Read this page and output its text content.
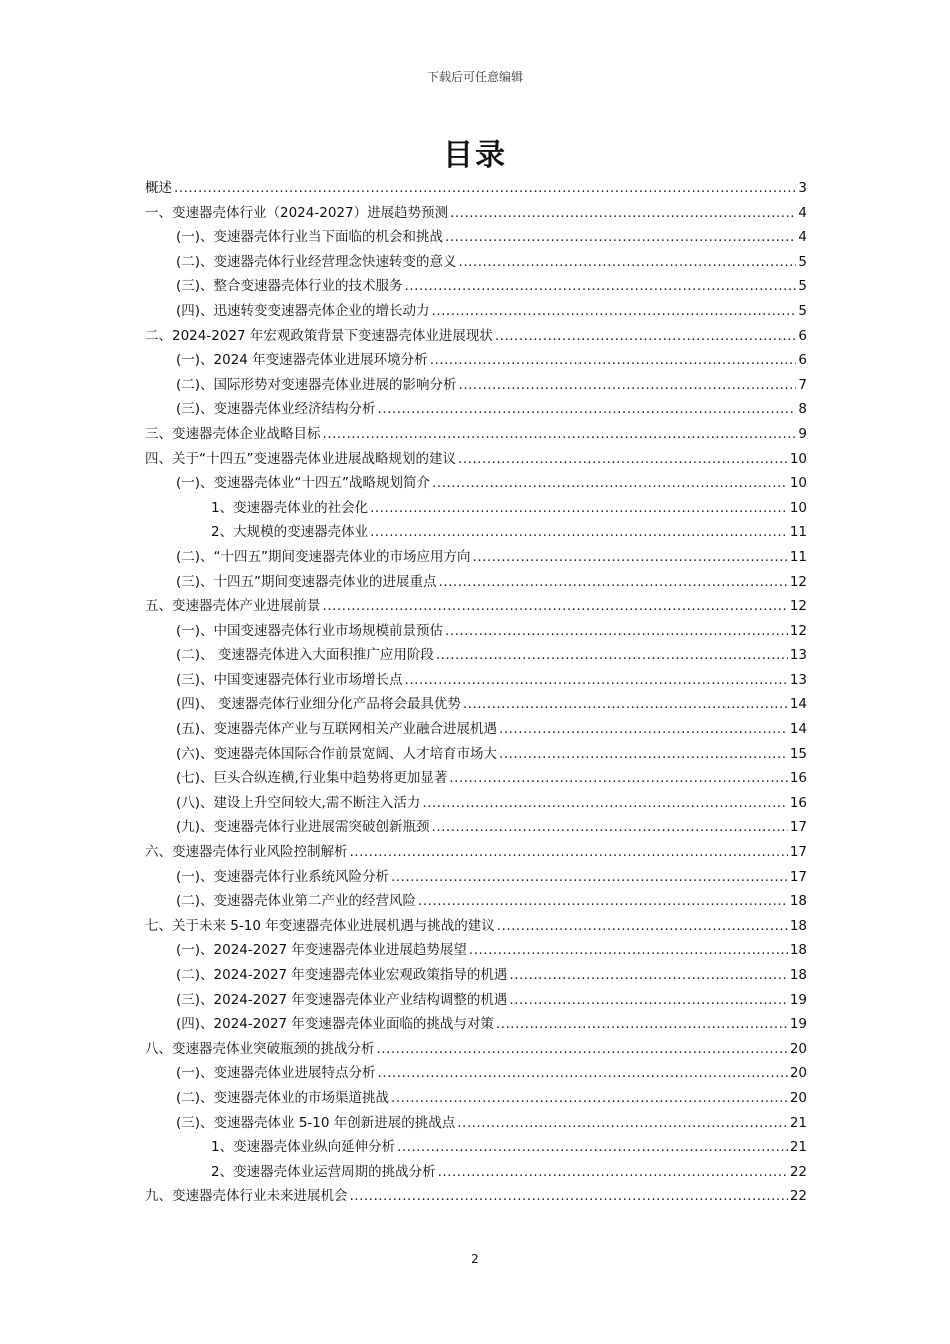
下载后可任意编辑
目录
概述 .....	3
一、变速器壳体行业（2024-2027）进展趋势预测 .....	4
(一)、变速器壳体行业当下面临的机会和挑战 .....	4
(二)、变速器壳体行业经营理念快速转变的意义 .....	5
(三)、整合变速器壳体行业的技术服务 .....	5
(四)、迅速转变变速器壳体企业的增长动力 .....	5
二、2024-2027 年宏观政策背景下变速器壳体业进展现状 .....	6
(一)、2024 年变速器壳体业进展环境分析 .....	6
(二)、国际形势对变速器壳体业进展的影响分析 .....	7
(三)、变速器壳体业经济结构分析 .....	8
三、变速器壳体企业战略目标 .....	9
四、关于“十四五”变速器壳体业进展战略规划的建议 .....	10
(一)、变速器壳体业“十四五”战略规划简介 .....	10
1、变速器壳体业的社会化 .....	10
2、大规模的变速器壳体业 .....	11
(二)、“十四五”期间变速器壳体业的市场应用方向 .....	11
(三)、十四五”期间变速器壳体业的进展重点 .....	12
五、变速器壳体产业进展前景 .....	12
(一)、中国变速器壳体行业市场规模前景预估 .....	12
(二)、 变速器壳体进入大面积推广应用阶段 .....	13
(三)、中国变速器壳体行业市场增长点 .....	13
(四)、 变速器壳体行业细分化产品将会最具优势 .....	14
(五)、变速器壳体产业与互联网相关产业融合进展机遇 .....	14
(六)、变速器壳体国际合作前景宽阔、人才培育市场大 .....	15
(七)、巨头合纵连横,行业集中趋势将更加显著 .....	16
(八)、建设上升空间较大,需不断注入活力 .....	16
(九)、变速器壳体行业进展需突破创新瓶颈 .....	17
六、变速器壳体行业风险控制解析 .....	17
(一)、变速器壳体行业系统风险分析 .....	17
(二)、变速器壳体业第二产业的经营风险 .....	18
七、关于未来 5-10 年变速器壳体业进展机遇与挑战的建议 .....	18
(一)、2024-2027 年变速器壳体业进展趋势展望 .....	18
(二)、2024-2027 年变速器壳体业宏观政策指导的机遇 .....	18
(三)、2024-2027 年变速器壳体业产业结构调整的机遇 .....	19
(四)、2024-2027 年变速器壳体业面临的挑战与对策 .....	19
八、变速器壳体业突破瓶颈的挑战分析 .....	20
(一)、变速器壳体业进展特点分析 .....	20
(二)、变速器壳体业的市场渠道挑战 .....	20
(三)、变速器壳体业 5-10 年创新进展的挑战点 .....	21
1、变速器壳体业纵向延伸分析 .....	21
2、变速器壳体业运营周期的挑战分析 .....	22
九、变速器壳体行业未来进展机会 .....	22
2
